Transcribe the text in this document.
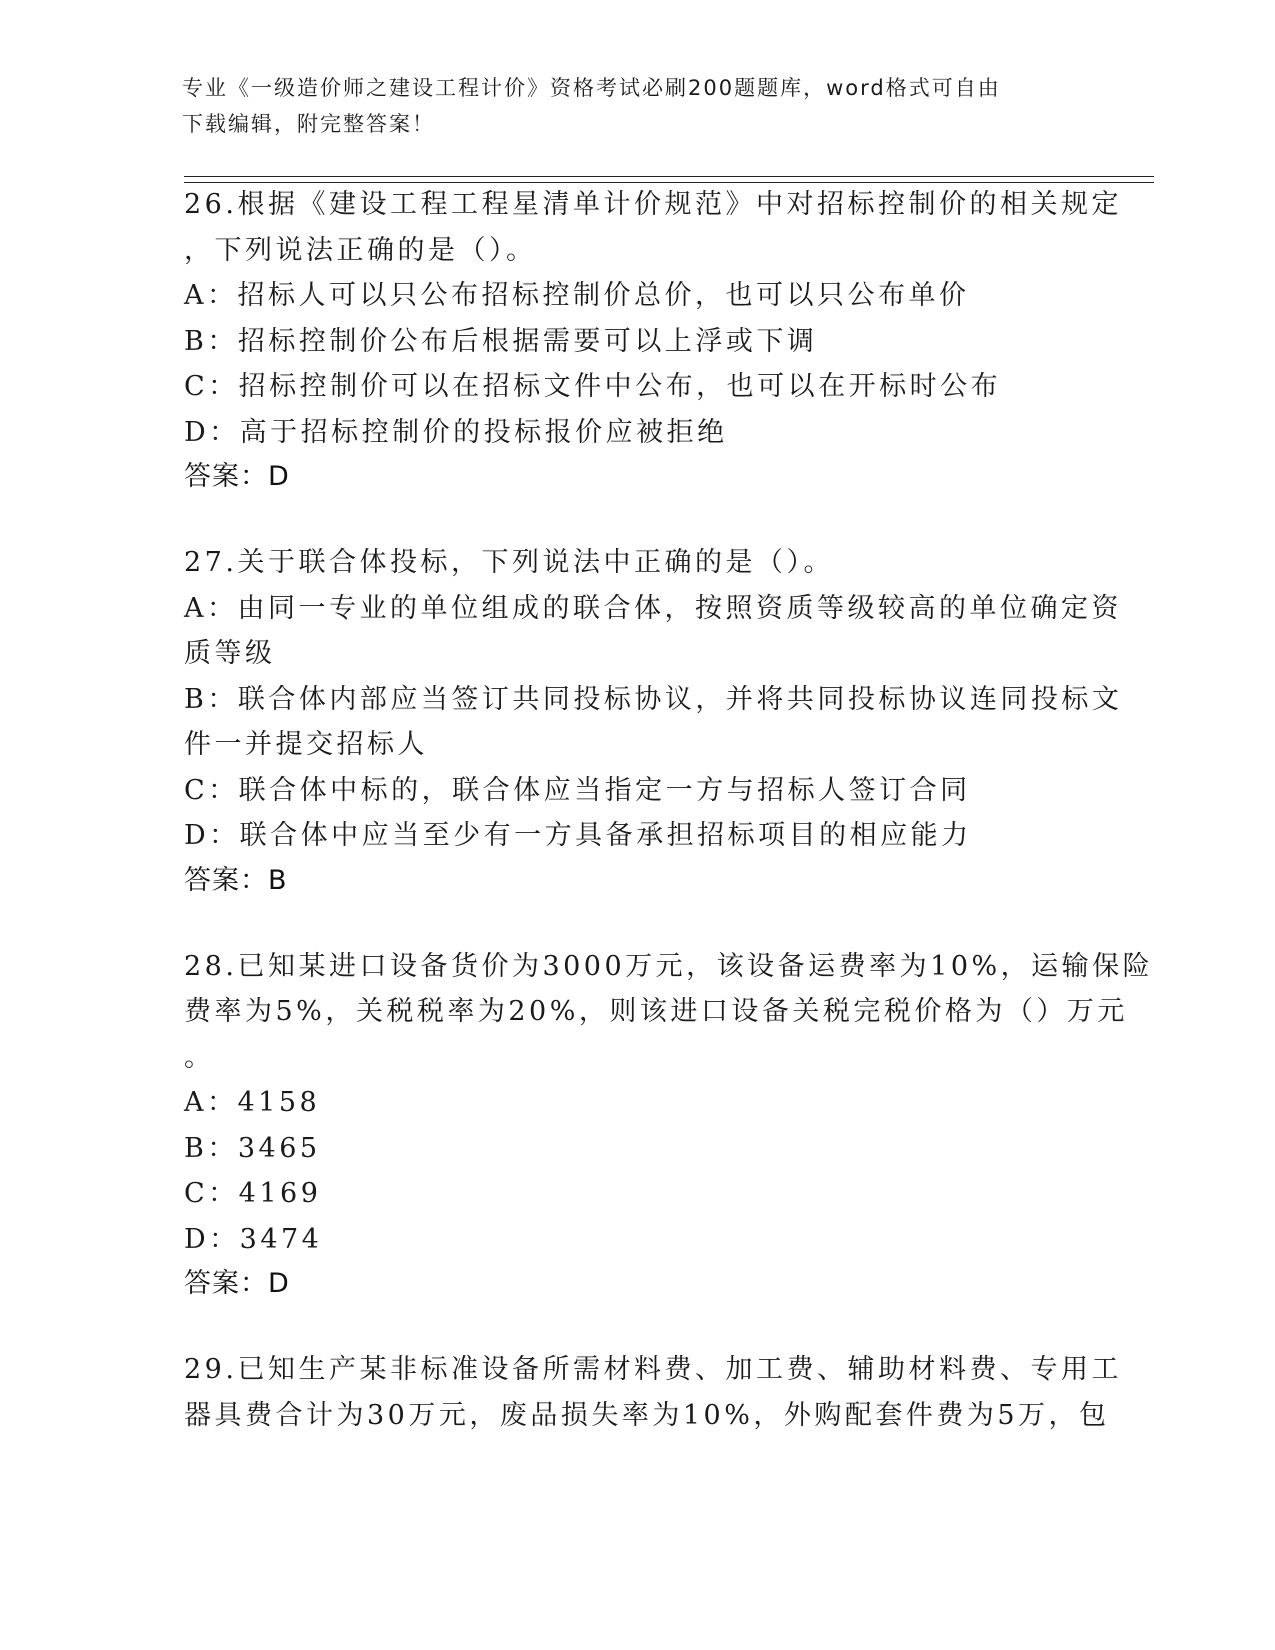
专业《一级造价师之建设工程计价》资格考试必刷200题题库，word格式可自由
下载编辑，附完整答案！
26.根据《建设工程工程星清单计价规范》中对招标控制价的相关规定
，下列说法正确的是（）。
A：招标人可以只公布招标控制价总价，也可以只公布单价
B：招标控制价公布后根据需要可以上浮或下调
C：招标控制价可以在招标文件中公布，也可以在开标时公布
D：高于招标控制价的投标报价应被拒绝
答案：D
27.关于联合体投标，下列说法中正确的是（）。
A：由同一专业的单位组成的联合体，按照资质等级较高的单位确定资
质等级
B：联合体内部应当签订共同投标协议，并将共同投标协议连同投标文
件一并提交招标人
C：联合体中标的，联合体应当指定一方与招标人签订合同
D：联合体中应当至少有一方具备承担招标项目的相应能力
答案：B
28.已知某进口设备货价为3000万元，该设备运费率为10%，运输保险
费率为5%，关税税率为20%，则该进口设备关税完税价格为（）万元
。
A：4158
B：3465
C：4169
D：3474
答案：D
29.已知生产某非标准设备所需材料费、加工费、辅助材料费、专用工
器具费合计为30万元，废品损失率为10%，外购配套件费为5万，包
